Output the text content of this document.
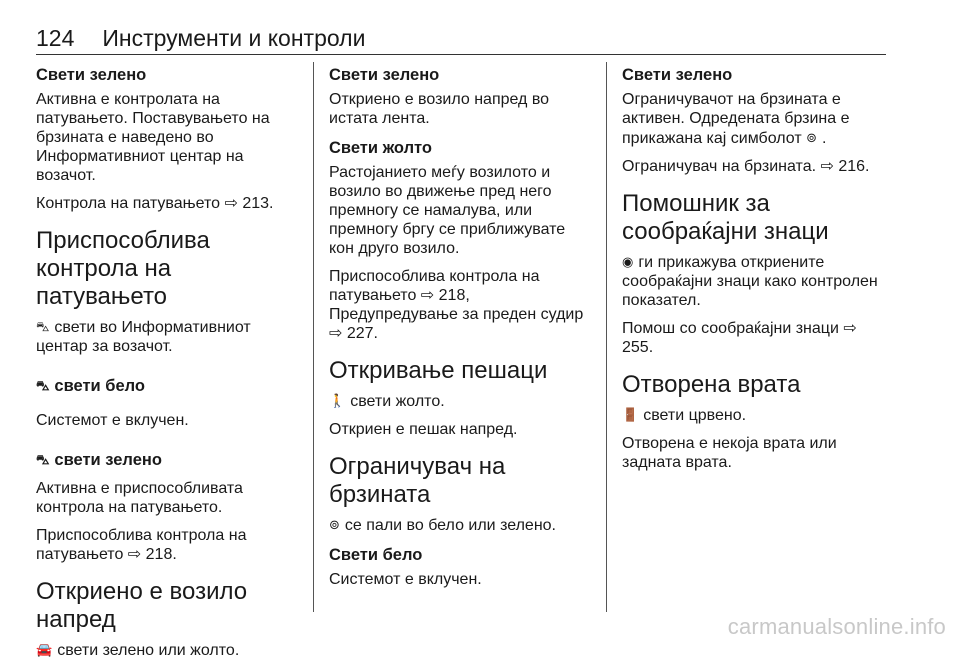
124 Инструменти и контроли
Свети зелено

Активна е контролата на патувањето. Поставувањето на брзината е наведено во Информативниот центар на возачот.

Контрола на патувањето ⇨ 213.

Приспособлива контрола на патувањето

⛍ свети во Информативниот центар за возачот.

⛍ свети бело

Системот е вклучен.

⛍ свети зелено

Активна е приспособливата контрола на патувањето.

Приспособлива контрола на патувањето ⇨ 218.

Откриено е возило напред

🚘 свети зелено или жолто.

Свети зелено

Откриено е возило напред во истата лента.

Свети жолто

Растојанието меѓу возилото и возило во движење пред него премногу се намалува, или премногу бргу се приближувате кон друго возило.

Приспособлива контрола на патувањето ⇨ 218, Предупредување за преден судир ⇨ 227.

Откривање пешаци

🚶 свети жолто.

Откриен е пешак напред.

Ограничувач на брзината

⊚ се пали во бело или зелено.

Свети бело

Системот е вклучен.

Свети зелено

Ограничувачот на брзината е активен. Одредената брзина е прикажана кај симболот ⊚ .

Ограничувач на брзината. ⇨ 216.

Помошник за сообраќајни знаци

◉ ги прикажува откриените сообраќајни знаци како контролен показател.

Помош со сообраќајни знаци ⇨ 255.

Отворена врата

🚪 свети црвено.

Отворена е некоја врата или задната врата.

carmanualsonline.info
